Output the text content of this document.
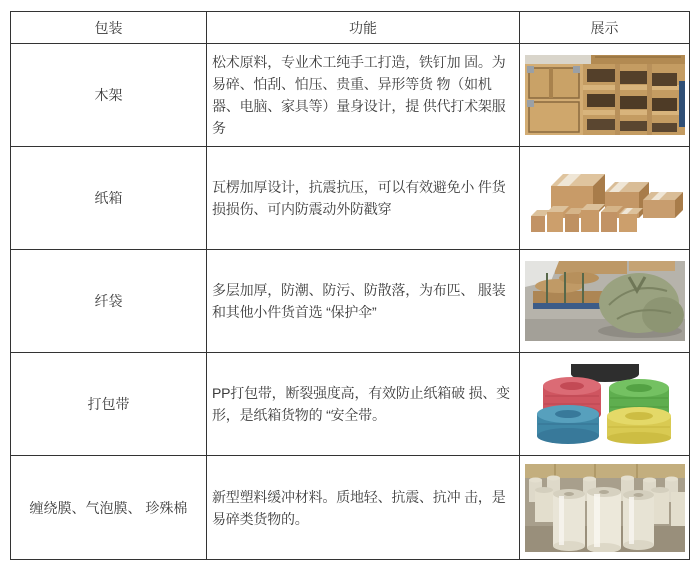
包装	功能	展示
木架
松术原料，专业术工纯手工打造，铁钉加 固。为易碎、怕刮、怕压、贵重、异形等货 物（如机器、电脑、家具等）量身设计，提 供代打术架服务
纸箱
瓦楞加厚设计，抗震抗压，可以有效避免小 件货损损伤、可内防震动外防戳穿
纤袋
多层加厚，防潮、防污、防散落，为布匹、 服装和其他小件货首选 “保护伞”
打包带
PP打包带，断裂强度高，有效防止纸箱破 损、变形，是纸箱货物的 “安全带。
缠绕膜、气泡膜、 珍殊棉
新型塑料缓冲材料。质地轻、抗震、抗冲 击，是易碎类货物的。
